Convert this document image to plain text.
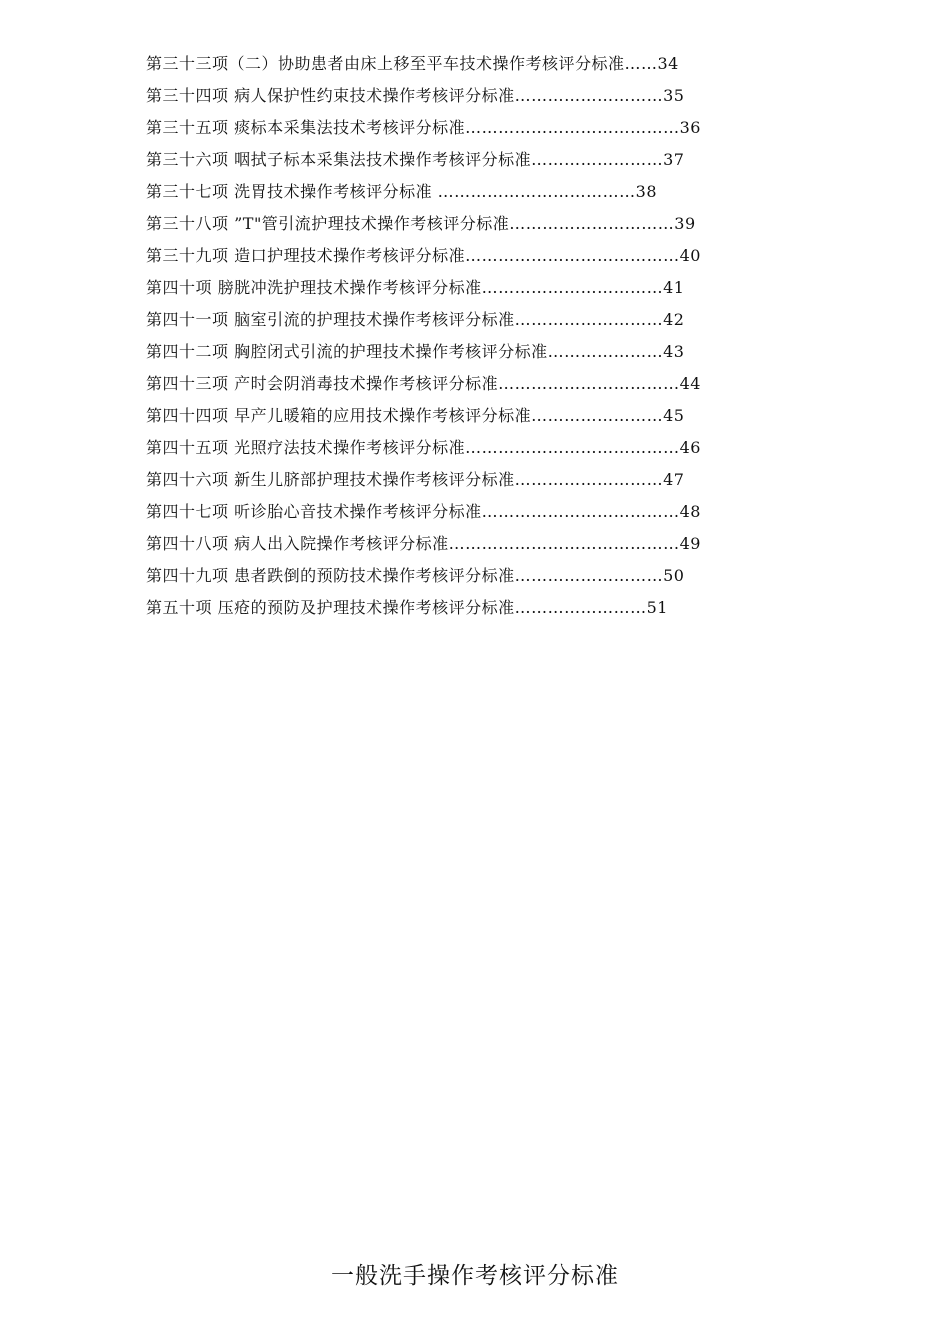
第三十三项（二）协助患者由床上移至平车技术操作考核评分标准……34
第三十四项 病人保护性约束技术操作考核评分标准………………………35
第三十五项 痰标本采集法技术考核评分标准…………………………………36
第三十六项 咽拭子标本采集法技术操作考核评分标准……………………37
第三十七项 洗胃技术操作考核评分标准 ………………………………38
第三十八项 ”T"管引流护理技术操作考核评分标准…………………………39
第三十九项 造口护理技术操作考核评分标准…………………………………40
第四十项 膀胱冲洗护理技术操作考核评分标准……………………………41
第四十一项 脑室引流的护理技术操作考核评分标准………………………42
第四十二项 胸腔闭式引流的护理技术操作考核评分标准…………………43
第四十三项 产时会阴消毒技术操作考核评分标准……………………………44
第四十四项 早产儿暖箱的应用技术操作考核评分标准……………………45
第四十五项 光照疗法技术操作考核评分标准…………………………………46
第四十六项 新生儿脐部护理技术操作考核评分标准………………………47
第四十七项 听诊胎心音技术操作考核评分标准………………………………48
第四十八项 病人出入院操作考核评分标准……………………………………49
第四十九项 患者跌倒的预防技术操作考核评分标准………………………50
第五十项 压疮的预防及护理技术操作考核评分标准……………………51
一般洗手操作考核评分标准
